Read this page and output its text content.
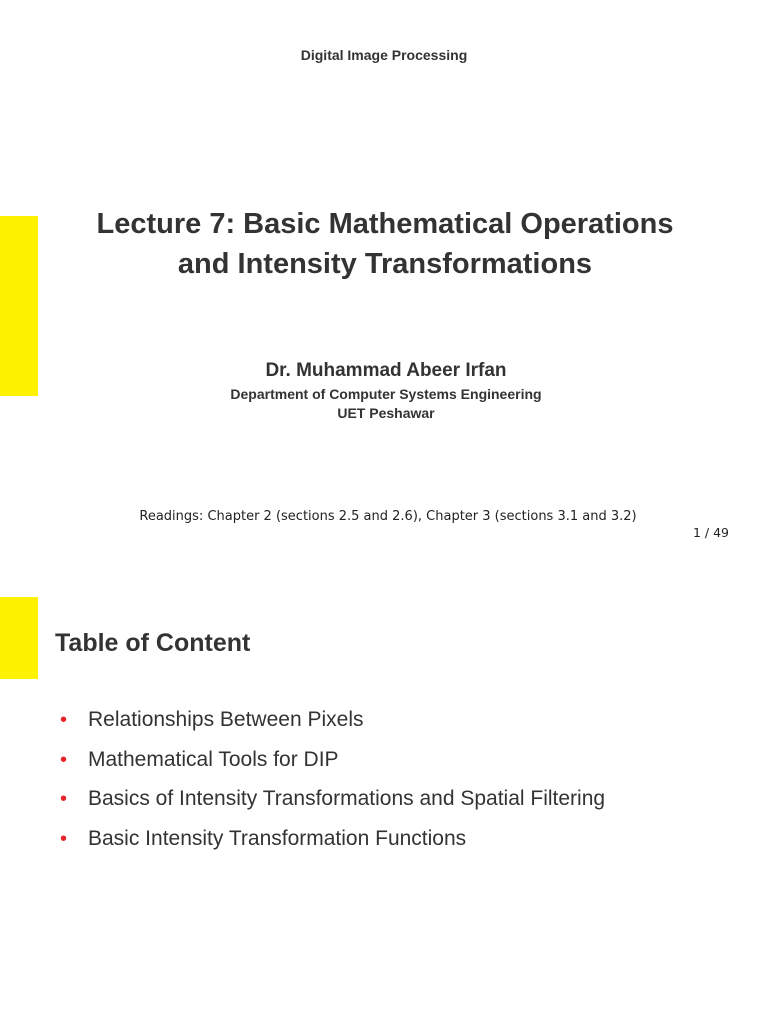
Digital Image Processing
Lecture 7: Basic Mathematical Operations
and Intensity Transformations
Dr. Muhammad Abeer Irfan
Department of Computer Systems Engineering
UET Peshawar
Readings: Chapter 2 (sections 2.5 and 2.6), Chapter 3 (sections 3.1 and 3.2)
1 / 49
Table of Content
• Relationships Between Pixels
• Mathematical Tools for DIP
• Basics of Intensity Transformations and Spatial Filtering
• Basic Intensity Transformation Functions
